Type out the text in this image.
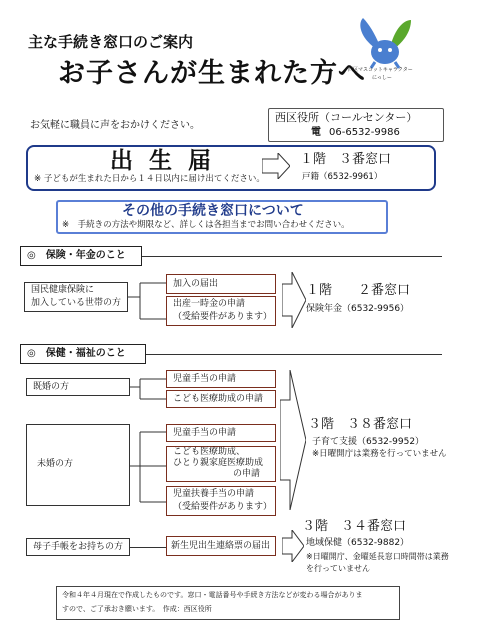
主な手続き窓口のご案内
お子さんが生まれた方へ
西区マスコットキャラクター
にっしー
お気軽に職員に声をおかけください。
西区役所（コールセンター）
電 06-6532-9986
出生届
※ 子どもが生まれた日から１４日以内に届け出てください。
１階　３番窓口
戸籍（6532-9961）
その他の手続き窓口について
※　手続きの方法や期限など、詳しくは各担当までお問い合わせください。
◎　保険・年金のこと
国民健康保険に
加入している世帯の方
加入の届出
出産一時金の申請
（受給要件があります）
１階　　２番窓口
保険年金（6532-9956）
◎　保健・福祉のこと
既婚の方
児童手当の申請
こども医療助成の申請
未婚の方
児童手当の申請
こども医療助成、
ひとり親家庭医療助成
の申請
児童扶養手当の申請
（受給要件があります）
３階　３８番窓口
子育て支援（6532-9952）
※日曜開庁は業務を行っていません
母子手帳をお持ちの方	新生児出生連絡票の届出
３階　３４番窓口
地域保健（6532-9882）
※日曜開庁、金曜延長窓口時間帯は業務
を行っていません
令和４年４月現在で作成したものです。窓口・電話番号や手続き方法などが変わる場合がありま
すので、ご了承おき願います。　作成：西区役所
